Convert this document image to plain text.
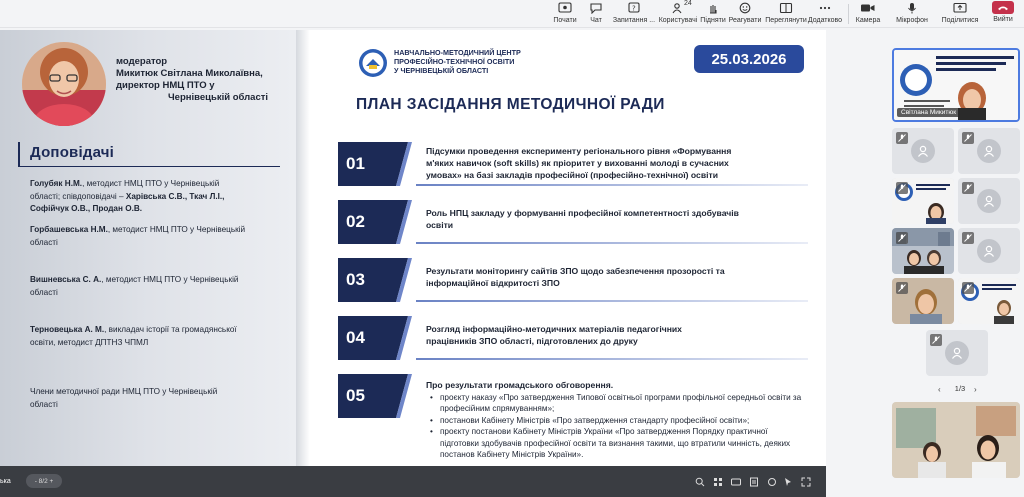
Почати Чат
?
Запитання ...
24
Користувачі Підняти Реагувати Переглянути Додатково Камера Мікрофон Поділитися Вийти
модератор
Микитюк Світлана Миколаївна,
директор НМЦ ПТО у
Чернівецькій області
Доповідачі
Голубяк Н.М., методист НМЦ ПТО у Чернівецькій
області; співдоповідачі – Харівська С.В., Ткач Л.І.,
Софійчук О.В., Продан О.В.
Горбашевська Н.М., методист НМЦ ПТО у Чернівецькій
області
Вишневська С. А., методист НМЦ ПТО у Чернівецькій
області
Терновецька А. М., викладач історії та громадянської
освіти, методист ДПТНЗ ЧПМЛ
Члени методичної ради НМЦ ПТО у Чернівецькій
області
НАВЧАЛЬНО-МЕТОДИЧНИЙ ЦЕНТР
ПРОФЕСІЙНО-ТЕХНІЧНОЇ ОСВІТИ
У ЧЕРНІВЕЦЬКІЙ ОБЛАСТІ
25.03.2026
ПЛАН ЗАСІДАННЯ МЕТОДИЧНОЇ РАДИ
01
Підсумки проведення експерименту регіонального рівня «Формування
м'яких навичок (soft skills) як пріоритет у вихованні молоді в сучасних
умовах» на базі закладів професійної (професійно-технічної) освіти
02	Роль НПЦ закладу у формуванні професійної компетентності здобувачів
освіти
03	Результати моніторингу сайтів ЗПО щодо забезпечення прозорості та
інформаційної відкритості ЗПО
04	Розгляд інформаційно-методичних матеріалів педагогічних
працівників ЗПО області, підготовлених до друку
05
Про результати громадського обговорення.
• проєкту наказу «Про затвердження Типової освітньої програми профільної середньої освіти за професійним спрямуванням»;
• постанови Кабінету Міністрів «Про затвердження стандарту професійної освіти»;
• проєкту постанови Кабінету Міністрів України «Про затвердження Порядку практичної підготовки здобувачів професійної освіти та визнання такими, що втратили чинність, деяких постанов Кабінету Міністрів України».
ька	- 8/2 +
Світлана Микитюк
‹	1/3	›
